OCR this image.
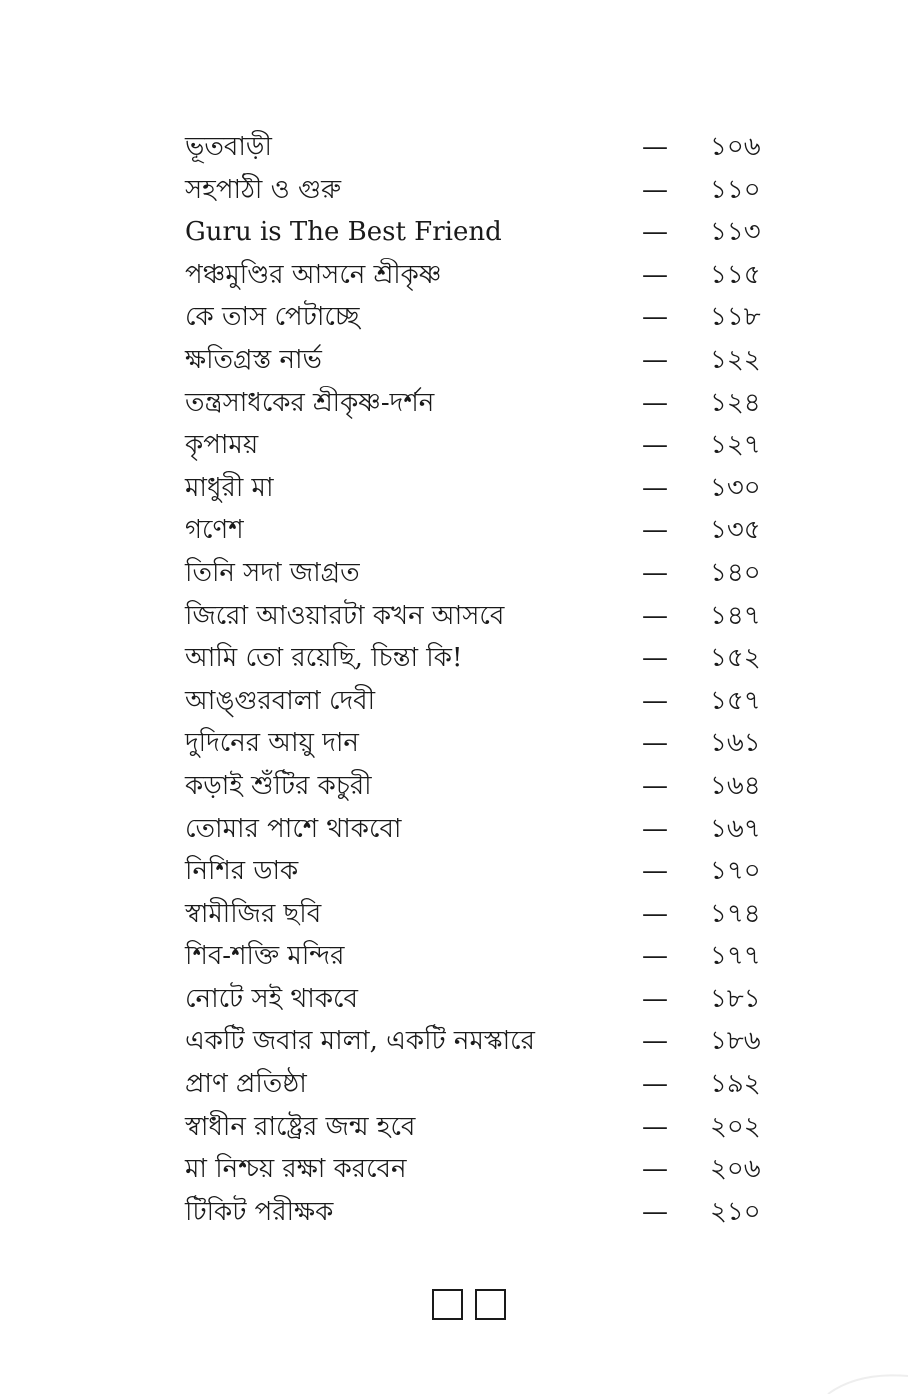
ভূতবাড়ী	— ১০৬
সহপাঠী ও গুরু	— ১১০
Guru is The Best Friend	— ১১৩
পঞ্চমুণ্ডির আসনে শ্রীকৃষ্ণ	— ১১৫
কে তাস পেটাচ্ছে	— ১১৮
ক্ষতিগ্রস্ত নার্ভ	— ১২২
তন্ত্রসাধকের শ্রীকৃষ্ণ-দর্শন	— ১২৪
কৃপাময়	— ১২৭
মাধুরী মা	— ১৩০
গণেশ	— ১৩৫
তিনি সদা জাগ্রত	— ১৪০
জিরো আওয়ারটা কখন আসবে	— ১৪৭
আমি তো রয়েছি, চিন্তা কি!	— ১৫২
আঙ্গুরবালা দেবী	— ১৫৭
দুদিনের আয়ু দান	— ১৬১
কড়াই শুঁটির কচুরী	— ১৬৪
তোমার পাশে থাকবো	— ১৬৭
নিশির ডাক	— ১৭০
স্বামীজির ছবি	— ১৭৪
শিব-শক্তি মন্দির	— ১৭৭
নোটে সই থাকবে	— ১৮১
একটি জবার মালা, একটি নমস্কারে	— ১৮৬
প্রাণ প্রতিষ্ঠা	— ১৯২
স্বাধীন রাষ্ট্রের জন্ম হবে	— ২০২
মা নিশ্চয় রক্ষা করবেন	— ২০৬
টিকিট পরীক্ষক	— ২১০
